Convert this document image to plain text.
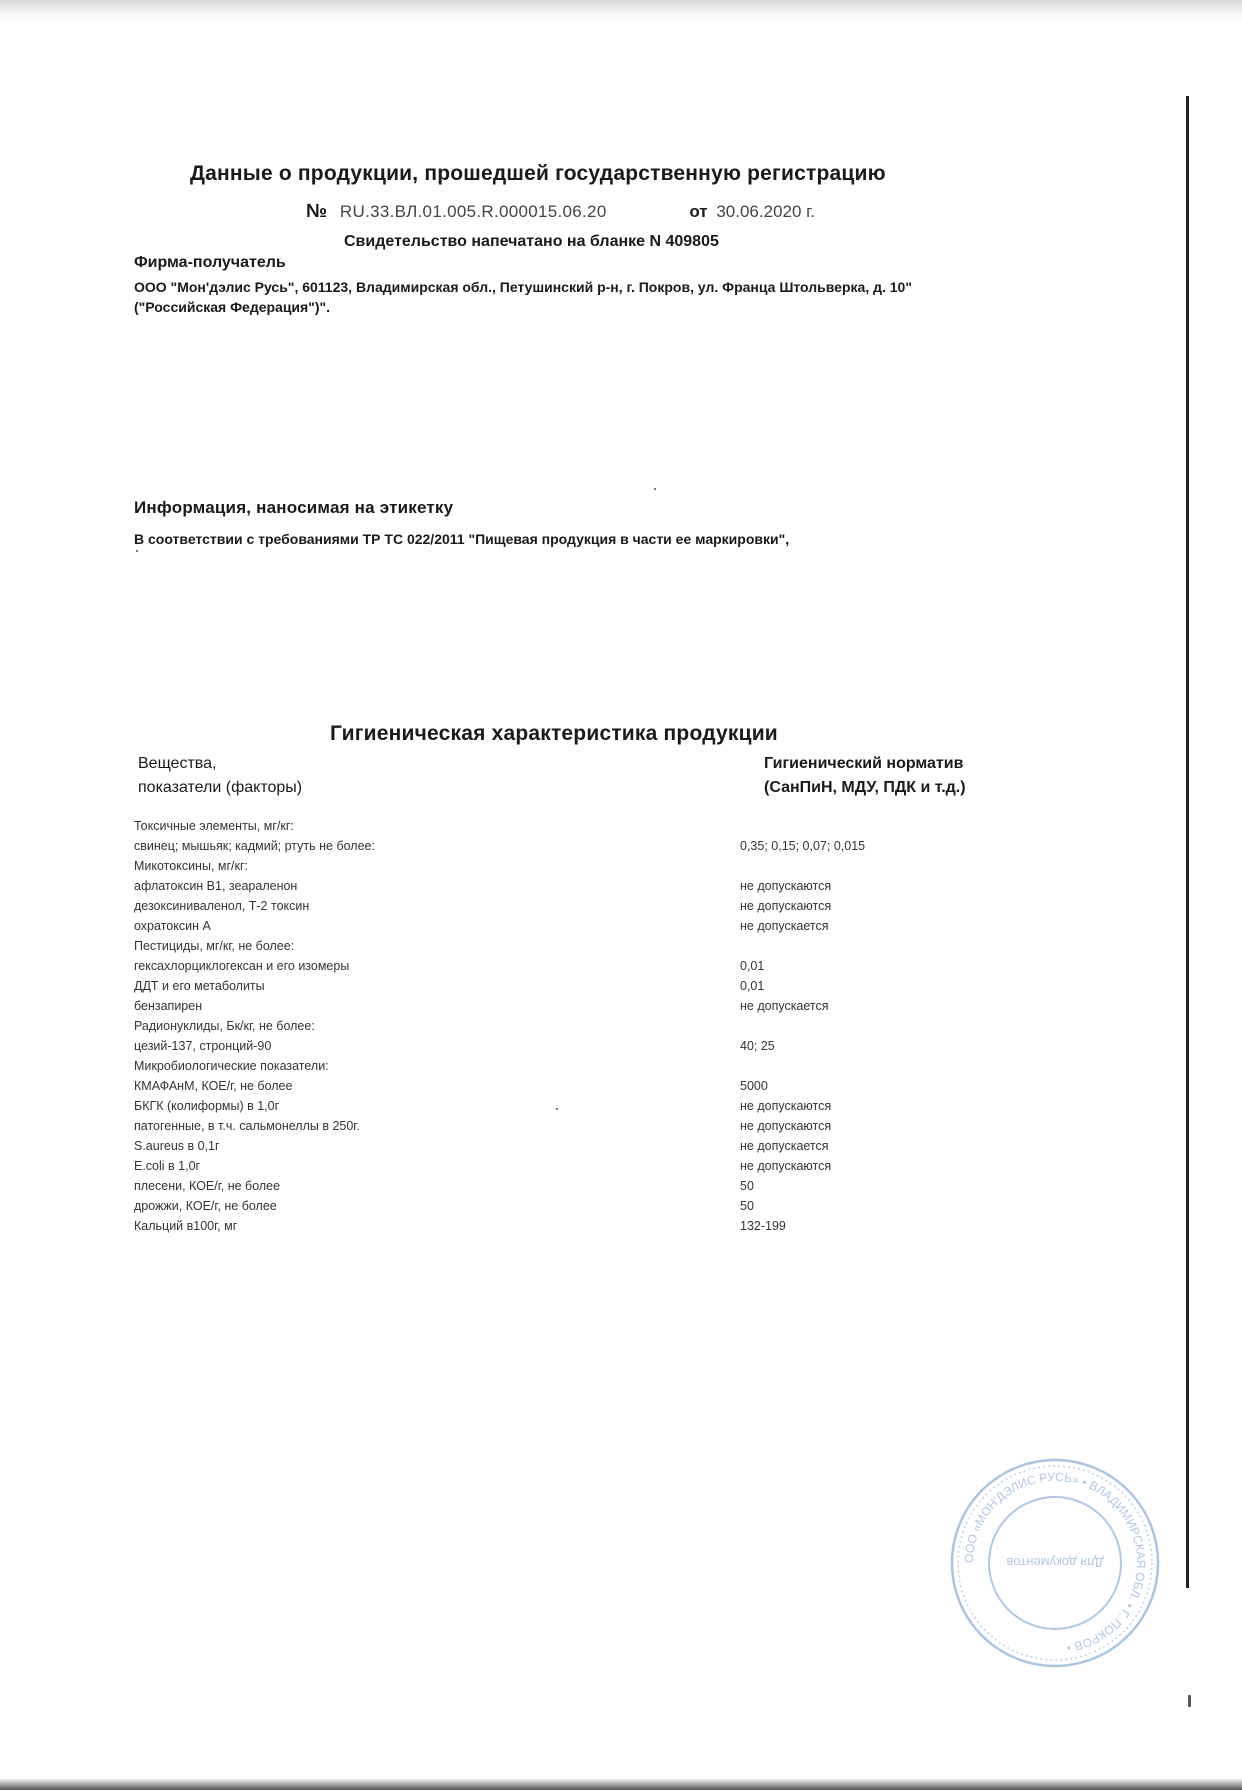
Данные о продукции, прошедшей государственную регистрацию
№ RU.33.ВЛ.01.005.R.000015.06.20	от 30.06.2020 г.
Свидетельство напечатано на бланке N 409805
Фирма-получатель
ООО "Мон'дэлис Русь", 601123, Владимирская обл., Петушинский р-н, г. Покров, ул. Франца Штольверка, д. 10" ("Российская Федерация")".
Информация, наносимая на этикетку
В соответствии с требованиями ТР ТС 022/2011 "Пищевая продукция в части ее маркировки",
Гигиеническая характеристика продукции
Вещества,
показатели (факторы)
Гигиенический норматив
(СанПиН, МДУ, ПДК и т.д.)
Токсичные элементы, мг/кг:
свинец; мышьяк; кадмий; ртуть не более:	0,35; 0,15; 0,07; 0,015
Микотоксины, мг/кг:
афлатоксин В1, зеараленон	не допускаются
дезоксиниваленол, Т-2 токсин	не допускаются
охратоксин А	не допускается
Пестициды, мг/кг, не более:
гексахлорциклогексан и его изомеры	0,01
ДДТ и его метаболиты	0,01
бензапирен	не допускается
Радионуклиды, Бк/кг, не более:
цезий-137, стронций-90	40; 25
Микробиологические показатели:
КМАФАнМ, КОЕ/г, не более	5000
БКГК (колиформы) в 1,0г	не допускаются
патогенные, в т.ч. сальмонеллы в 250г.	не допускаются
S.aureus в 0,1г	не допускается
E.coli в 1,0г	не допускаются
плесени, КОЕ/г, не более	50
дрожжи, КОЕ/г, не более	50
Кальций в100г, мг	132-199
ООО «МОН'ДЭЛИС РУСЬ» • ВЛАДИМИРСКАЯ ОБЛ. • Г. ПОКРОВ •
Для документов
